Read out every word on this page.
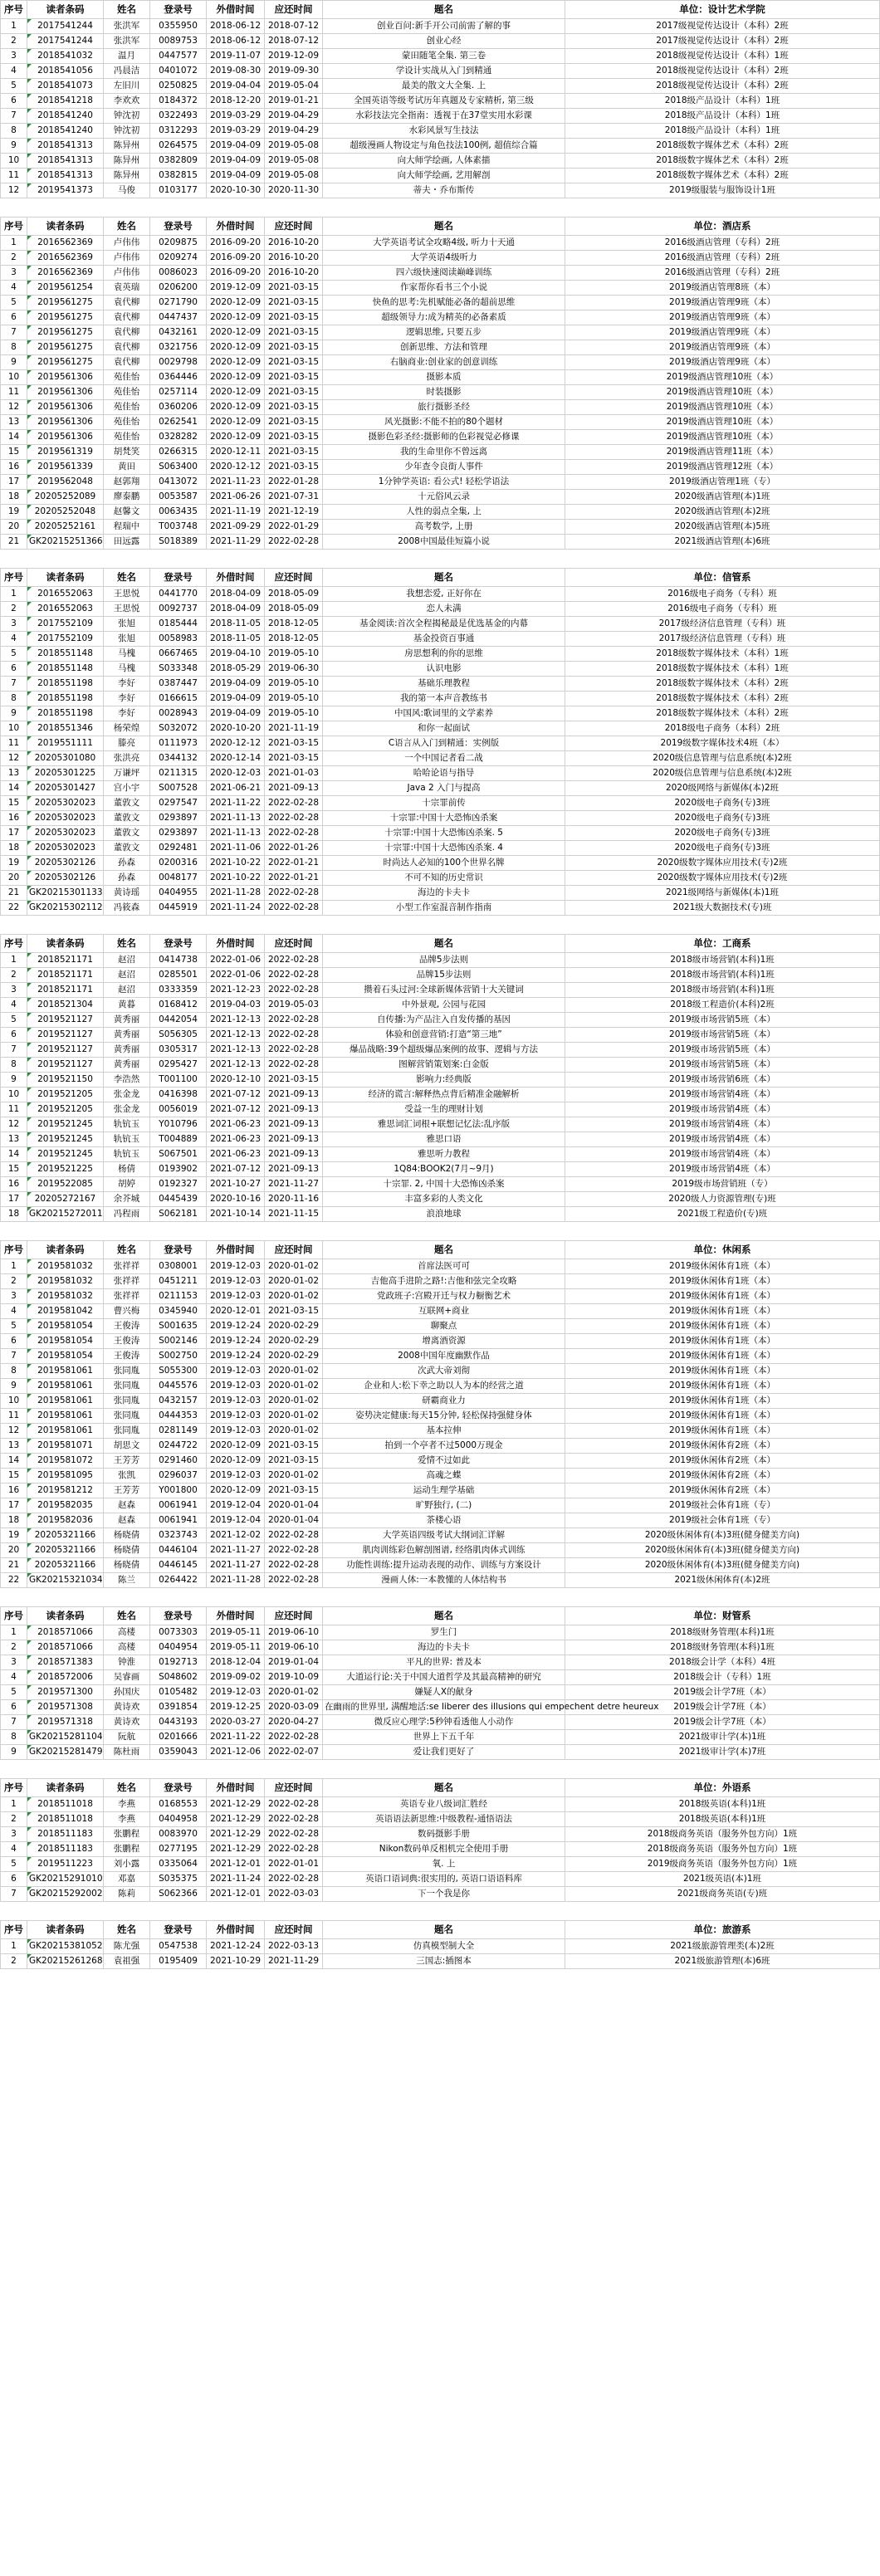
序号	读者条码	姓名	登录号	外借时间	应还时间	题名	单位：设计艺术学院
1	2017541244	张洪军	0355950	2018-06-12	2018-07-12	创业百问:新手开公司前需了解的事	2017级视觉传达设计（本科）2班
2	2017541244	张洪军	0089753	2018-06-12	2018-07-12	创业心经	2017级视觉传达设计（本科）2班
3	2018541032	温月	0447577	2019-11-07	2019-12-09	蒙田随笔全集. 第三卷	2018级视觉传达设计（本科）1班
4	2018541056	冯晨洁	0401072	2019-08-30	2019-09-30	学设计实战从入门到精通	2018级视觉传达设计（本科）2班
5	2018541073	左旧川	0250825	2019-04-04	2019-05-04	最美的散文大全集. 上	2018级视觉传达设计（本科）2班
6	2018541218	李欢欢	0184372	2018-12-20	2019-01-21	全国英语等级考试历年真题及专家精析, 第三级	2018级产品设计（本科）1班
7	2018541240	钟沈初	0322493	2019-03-29	2019-04-29	水彩技法完全指南：透视于在37堂实用水彩课	2018级产品设计（本科）1班
8	2018541240	钟沈初	0312293	2019-03-29	2019-04-29	水彩风景写生技法	2018级产品设计（本科）1班
9	2018541313	陈异州	0264575	2019-04-09	2019-05-08	超级漫画人物设定与角色技法100例, 超值综合篇	2018级数字媒体艺术（本科）2班
10	2018541313	陈异州	0382809	2019-04-09	2019-05-08	向大师学绘画, 人体素描	2018级数字媒体艺术（本科）2班
11	2018541313	陈异州	0382815	2019-04-09	2019-05-08	向大师学绘画, 艺用解剖	2018级数字媒体艺术（本科）2班
12	2019541373	马俊	0103177	2020-10-30	2020-11-30	蒂夫・乔布斯传	2019级服装与服饰设计1班
序号	读者条码	姓名	登录号	外借时间	应还时间	题名	单位：酒店系
1	2016562369	卢伟伟	0209875	2016-09-20	2016-10-20	大学英语考试全攻略4级, 听力十天通	2016级酒店管理（专科）2班
2	2016562369	卢伟伟	0209274	2016-09-20	2016-10-20	大学英语4级听力	2016级酒店管理（专科）2班
3	2016562369	卢伟伟	0086023	2016-09-20	2016-10-20	四六级快速阅读巅峰训练	2016级酒店管理（专科）2班
4	2019561254	袁英瑞	0206200	2019-12-09	2021-03-15	作家帮你看书三个小说	2019级酒店管理8班（本）
5	2019561275	袁代柳	0271790	2020-12-09	2021-03-15	快鱼的思考:先机赋能必备的超前思维	2019级酒店管理9班（本）
6	2019561275	袁代柳	0447437	2020-12-09	2021-03-15	超级领导力:成为精英的必备素质	2019级酒店管理9班（本）
7	2019561275	袁代柳	0432161	2020-12-09	2021-03-15	逻辑思维, 只要五步	2019级酒店管理9班（本）
8	2019561275	袁代柳	0321756	2020-12-09	2021-03-15	创新思维、方法和管理	2019级酒店管理9班（本）
9	2019561275	袁代柳	0029798	2020-12-09	2021-03-15	右脑商业:创业家的创意训练	2019级酒店管理9班（本）
10	2019561306	苑佳怡	0364446	2020-12-09	2021-03-15	摄影本质	2019级酒店管理10班（本）
11	2019561306	苑佳怡	0257114	2020-12-09	2021-03-15	时装摄影	2019级酒店管理10班（本）
12	2019561306	苑佳怡	0360206	2020-12-09	2021-03-15	旅行摄影圣经	2019级酒店管理10班（本）
13	2019561306	苑佳怡	0262541	2020-12-09	2021-03-15	风光摄影:不能不拍的80个题材	2019级酒店管理10班（本）
14	2019561306	苑佳怡	0328282	2020-12-09	2021-03-15	摄影色彩圣经:摄影师的色彩视觉必修课	2019级酒店管理10班（本）
15	2019561319	胡梵笑	0266315	2020-12-11	2021-03-15	我的生命里你不曾远离	2019级酒店管理11班（本）
16	2019561339	黄田	S063400	2020-12-12	2021-03-15	少年查令良街人事件	2019级酒店管理12班（本）
17	2019562048	赵郭翔	0413072	2021-11-23	2022-01-28	1分钟学英语: 看公式! 轻松学语法	2019级酒店管理1班（专）
18	20205252089	廖泰鹏	0053587	2021-06-26	2021-07-31	十元俗风云录	2020级酒店管理(本)1班
19	20205252048	赵馨文	0063435	2021-11-19	2021-12-19	人性的弱点全集, 上	2020级酒店管理(本)2班
20	20205252161	程瑞中	T003748	2021-09-29	2022-01-29	高考数学, 上册	2020级酒店管理(本)5班
21	GK20215251366	田远露	S018389	2021-11-29	2022-02-28	2008中国最佳短篇小说	2021级酒店管理(本)6班
序号	读者条码	姓名	登录号	外借时间	应还时间	题名	单位：信管系
1	2016552063	王思悦	0441770	2018-04-09	2018-05-09	我想恋爱, 正好你在	2016级电子商务（专科）班
2	2016552063	王思悦	0092737	2018-04-09	2018-05-09	恋人未满	2016级电子商务（专科）班
3	2017552109	张旭	0185444	2018-11-05	2018-12-05	基金阅读:首次全程揭秘最是优选基金的内幕	2017级经济信息管理（专科）班
4	2017552109	张旭	0058983	2018-11-05	2018-12-05	基金投资百事通	2017级经济信息管理（专科）班
5	2018551148	马槐	0667465	2019-04-10	2019-05-10	房思想利的你的思维	2018级数字媒体技术（本科）1班
6	2018551148	马槐	S033348	2018-05-29	2019-06-30	认识电影	2018级数字媒体技术（本科）1班
7	2018551198	李好	0387447	2019-04-09	2019-05-10	基础乐理教程	2018级数字媒体技术（本科）2班
8	2018551198	李好	0166615	2019-04-09	2019-05-10	我的第一本声音教练书	2018级数字媒体技术（本科）2班
9	2018551198	李好	0028943	2019-04-09	2019-05-10	中国风:歌词里的文学素养	2018级数字媒体技术（本科）2班
10	2018551346	杨荣煌	S032072	2020-10-20	2021-11-19	和你一起面试	2018级电子商务（本科）2班
11	2019551111	滕亮	0111973	2020-12-12	2021-03-15	C语言从入门到精通：实例版	2019级数字媒体技术4班（本）
12	20205301080	张洪亮	0344132	2020-12-14	2021-03-15	一个中国记者看二战	2020级信息管理与信息系统(本)2班
13	20205301225	万谦坪	0211315	2020-12-03	2021-01-03	哈哈论语与指导	2020级信息管理与信息系统(本)2班
14	20205301427	宫小宇	S007528	2021-06-21	2021-09-13	Java 2 入门与提高	2020级网络与新媒体(本)2班
15	20205302023	董敦文	0297547	2021-11-22	2022-02-28	十宗罪前传	2020级电子商务(专)3班
16	20205302023	董敦文	0293897	2021-11-13	2022-02-28	十宗罪:中国十大恐怖凶杀案	2020级电子商务(专)3班
17	20205302023	董敦文	0293897	2021-11-13	2022-02-28	十宗罪:中国十大恐怖凶杀案. 5	2020级电子商务(专)3班
18	20205302023	董敦文	0292481	2021-11-06	2022-01-26	十宗罪:中国十大恐怖凶杀案. 4	2020级电子商务(专)3班
19	20205302126	孙森	0200316	2021-10-22	2022-01-21	时尚达人必知的100个世界名牌	2020级数字媒体应用技术(专)2班
20	20205302126	孙森	0048177	2021-10-22	2022-01-21	不可不知的历史常识	2020级数字媒体应用技术(专)2班
21	GK20215301133	黄诗瑶	0404955	2021-11-28	2022-02-28	海边的卡夫卡	2021级网络与新媒体(本)1班
22	GK20215302112	冯筱森	0445919	2021-11-24	2022-02-28	小型工作室混音制作指南	2021级大数据技术(专)班
序号	读者条码	姓名	登录号	外借时间	应还时间	题名	单位：工商系
1	2018521171	赵沼	0414738	2022-01-06	2022-02-28	品牌5步法则	2018级市场营销(本科)1班
2	2018521171	赵沼	0285501	2022-01-06	2022-02-28	品牌15步法则	2018级市场营销(本科)1班
3	2018521171	赵沼	0333359	2021-12-23	2022-02-28	攒着石头过河:全球新媒体营销十大关键词	2018级市场营销(本科)1班
4	2018521304	黄暮	0168412	2019-04-03	2019-05-03	中外景观, 公园与花园	2018级工程造价(本科)2班
5	2019521127	黄秀丽	0442054	2021-12-13	2022-02-28	自传播:为产品注入自发传播的基因	2019级市场营销5班（本）
6	2019521127	黄秀丽	S056305	2021-12-13	2022-02-28	体验和创意营销:打造“第三地”	2019级市场营销5班（本）
7	2019521127	黄秀丽	0305317	2021-12-13	2022-02-28	爆品战略:39个超级爆品案例的故事、逻辑与方法	2019级市场营销5班（本）
8	2019521127	黄秀丽	0295427	2021-12-13	2022-02-28	图解营销策划案:白金版	2019级市场营销5班（本）
9	2019521150	李浩然	T001100	2020-12-10	2021-03-15	影响力:经典版	2019级市场营销6班（本）
10	2019521205	张金龙	0416398	2021-07-12	2021-09-13	经济的谎言:解释热点背后精准金融解析	2019级市场营销4班（本）
11	2019521205	张金龙	0056019	2021-07-12	2021-09-13	受益一生的理财计划	2019级市场营销4班（本）
12	2019521245	轨钪玉	Y010796	2021-06-23	2021-09-13	雅思词汇词根+联想记忆法:乱序版	2019级市场营销4班（本）
13	2019521245	轨钪玉	T004889	2021-06-23	2021-09-13	雅思口语	2019级市场营销4班（本）
14	2019521245	轨钪玉	S067501	2021-06-23	2021-09-13	雅思听力教程	2019级市场营销4班（本）
15	2019521225	杨倩	0193902	2021-07-12	2021-09-13	1Q84:BOOK2(7月~9月)	2019级市场营销4班（本）
16	2019522085	胡婷	0192327	2021-10-27	2021-11-27	十宗罪. 2, 中国十大恐怖凶杀案	2019级市场营销班（专）
17	20205272167	余芥城	0445439	2020-10-16	2020-11-16	丰富多彩的人类文化	2020级人力资源管理(专)班
18	GK20215272011	冯程雨	S062181	2021-10-14	2021-11-15	浪浪地球	2021级工程造价(专)班
序号	读者条码	姓名	登录号	外借时间	应还时间	题名	单位：休闲系
1	2019581032	张祥祥	0308001	2019-12-03	2020-01-02	首席法医可可	2019级休闲体育1班（本）
2	2019581032	张祥祥	0451211	2019-12-03	2020-01-02	吉他高手进阶之路!:吉他和弦完全攻略	2019级休闲体育1班（本）
3	2019581032	张祥祥	0211153	2019-12-03	2020-01-02	党政班子:宫殿开迁与权力橱衡艺术	2019级休闲体育1班（本）
4	2019581042	曹兴梅	0345940	2020-12-01	2021-03-15	互联网+商业	2019级休闲体育1班（本）
5	2019581054	王俊涛	S001635	2019-12-24	2020-02-29	聊聚点	2019级休闲体育1班（本）
6	2019581054	王俊涛	S002146	2019-12-24	2020-02-29	增离酒资源	2019级休闲体育1班（本）
7	2019581054	王俊涛	S002750	2019-12-24	2020-02-29	2008中国年度幽默作品	2019级休闲体育1班（本）
8	2019581061	张同胤	S055300	2019-12-03	2020-01-02	次武大帝刘彻	2019级休闲体育1班（本）
9	2019581061	张同胤	0445576	2019-12-03	2020-01-02	企业和人:松下幸之助以人为本的经营之道	2019级休闲体育1班（本）
10	2019581061	张同胤	0432157	2019-12-03	2020-01-02	研霸商业力	2019级休闲体育1班（本）
11	2019581061	张同胤	0444353	2019-12-03	2020-01-02	姿势决定健康:每天15分钟, 轻松保持强健身体	2019级休闲体育1班（本）
12	2019581061	张同胤	0281149	2019-12-03	2020-01-02	基本拉伸	2019级休闲体育1班（本）
13	2019581071	胡思文	0244722	2020-12-09	2021-03-15	拍到一个亭者不过5000万现金	2019级休闲体育2班（本）
14	2019581072	王芳芳	0291460	2020-12-09	2021-03-15	爱情不过如此	2019级休闲体育2班（本）
15	2019581095	张凯	0296037	2019-12-03	2020-01-02	高魂之蝶	2019级休闲体育2班（本）
16	2019581212	王芳芳	Y001800	2020-12-09	2021-03-15	运动生理学基础	2019级休闲体育2班（本）
17	2019582035	赵森	0061941	2019-12-04	2020-01-04	旷野独行, (二)	2019级社会体育1班（专）
18	2019582036	赵森	0061941	2019-12-04	2020-01-04	茶楼心语	2019级社会体育1班（专）
19	20205321166	杨晓倩	0323743	2021-12-02	2022-02-28	大学英语四级考试大纲词汇详解	2020级休闲体育(本)3班(健身健美方向)
20	20205321166	杨晓倩	0446104	2021-11-27	2022-02-28	肌肉训练彩色解剖图谱, 经络肌肉体式训练	2020级休闲体育(本)3班(健身健美方向)
21	20205321166	杨晓倩	0446145	2021-11-27	2022-02-28	功能性训练:提升运动表现的动作、训练与方案设计	2020级休闲体育(本)3班(健身健美方向)
22	GK20215321034	陈兰	0264422	2021-11-28	2022-02-28	漫画人体:一本教懂的人体结构书	2021级休闲体育(本)2班
序号	读者条码	姓名	登录号	外借时间	应还时间	题名	单位：财管系
1	2018571066	高楼	0073303	2019-05-11	2019-06-10	罗生门	2018级财务管理(本科)1班
2	2018571066	高楼	0404954	2019-05-11	2019-06-10	海边的卡夫卡	2018级财务管理(本科)1班
3	2018571383	钟淮	0192713	2018-12-04	2019-01-04	平凡的世界: 普及本	2018级会计学（本科）4班
4	2018572006	吴睿画	S048602	2019-09-02	2019-10-09	大道运行论:关于中国大道哲学及其最高精神的研究	2018级会计（专科）1班
5	2019571300	孙国庆	0105482	2019-12-03	2020-01-02	嫌疑人X的献身	2019级会计学7班（本）
6	2019571308	黄诗欢	0391854	2019-12-25	2020-03-09	在幽雨的世界里, 满醒地活:se liberer des illusions qui empechent detre heureux	2019级会计学7班（本）
7	2019571318	黄诗欢	0443193	2020-03-27	2020-04-27	微反应心理学:5秒钟看透他人小动作	2019级会计学7班（本）
8	GK20215281104	阮航	0201666	2021-11-22	2022-02-28	世界上下五千年	2021级审计学(本)1班
9	GK20215281479	陈杜雨	0359043	2021-12-06	2022-02-07	爱让我们更好了	2021级审计学(本)7班
序号	读者条码	姓名	登录号	外借时间	应还时间	题名	单位：外语系
1	2018511018	李燕	0168553	2021-12-29	2022-02-28	英语专业八级词汇胜经	2018级英语(本科)1班
2	2018511018	李燕	0404958	2021-12-29	2022-02-28	英语语法新思维:中级教程-通悟语法	2018级英语(本科)1班
3	2018511183	张鹏程	0083970	2021-12-29	2022-02-28	数码摄影手册	2018级商务英语（服务外包方向）1班
4	2018511183	张鹏程	0277195	2021-12-29	2022-02-28	Nikon数码单反相机完全使用手册	2018级商务英语（服务外包方向）1班
5	2019511223	刘小露	0335064	2021-12-01	2022-01-01	氧. 上	2019级商务英语（服务外包方向）1班
6	GK20215291010	邓嘉	S035375	2021-11-24	2022-02-28	英语口语词典:很实用的, 英语口语语料库	2021级英语(本)1班
7	GK20215292002	陈莉	S062366	2021-12-01	2022-03-03	下一个我是你	2021级商务英语(专)班
序号	读者条码	姓名	登录号	外借时间	应还时间	题名	单位：旅游系
1	GK20215381052	陈尤强	0547538	2021-12-24	2022-03-13	仿真模型制大全	2021级旅游管理类(本)2班
2	GK20215261268	袁祖强	0195409	2021-10-29	2021-11-29	三国志:插图本	2021级旅游管理(本)6班
